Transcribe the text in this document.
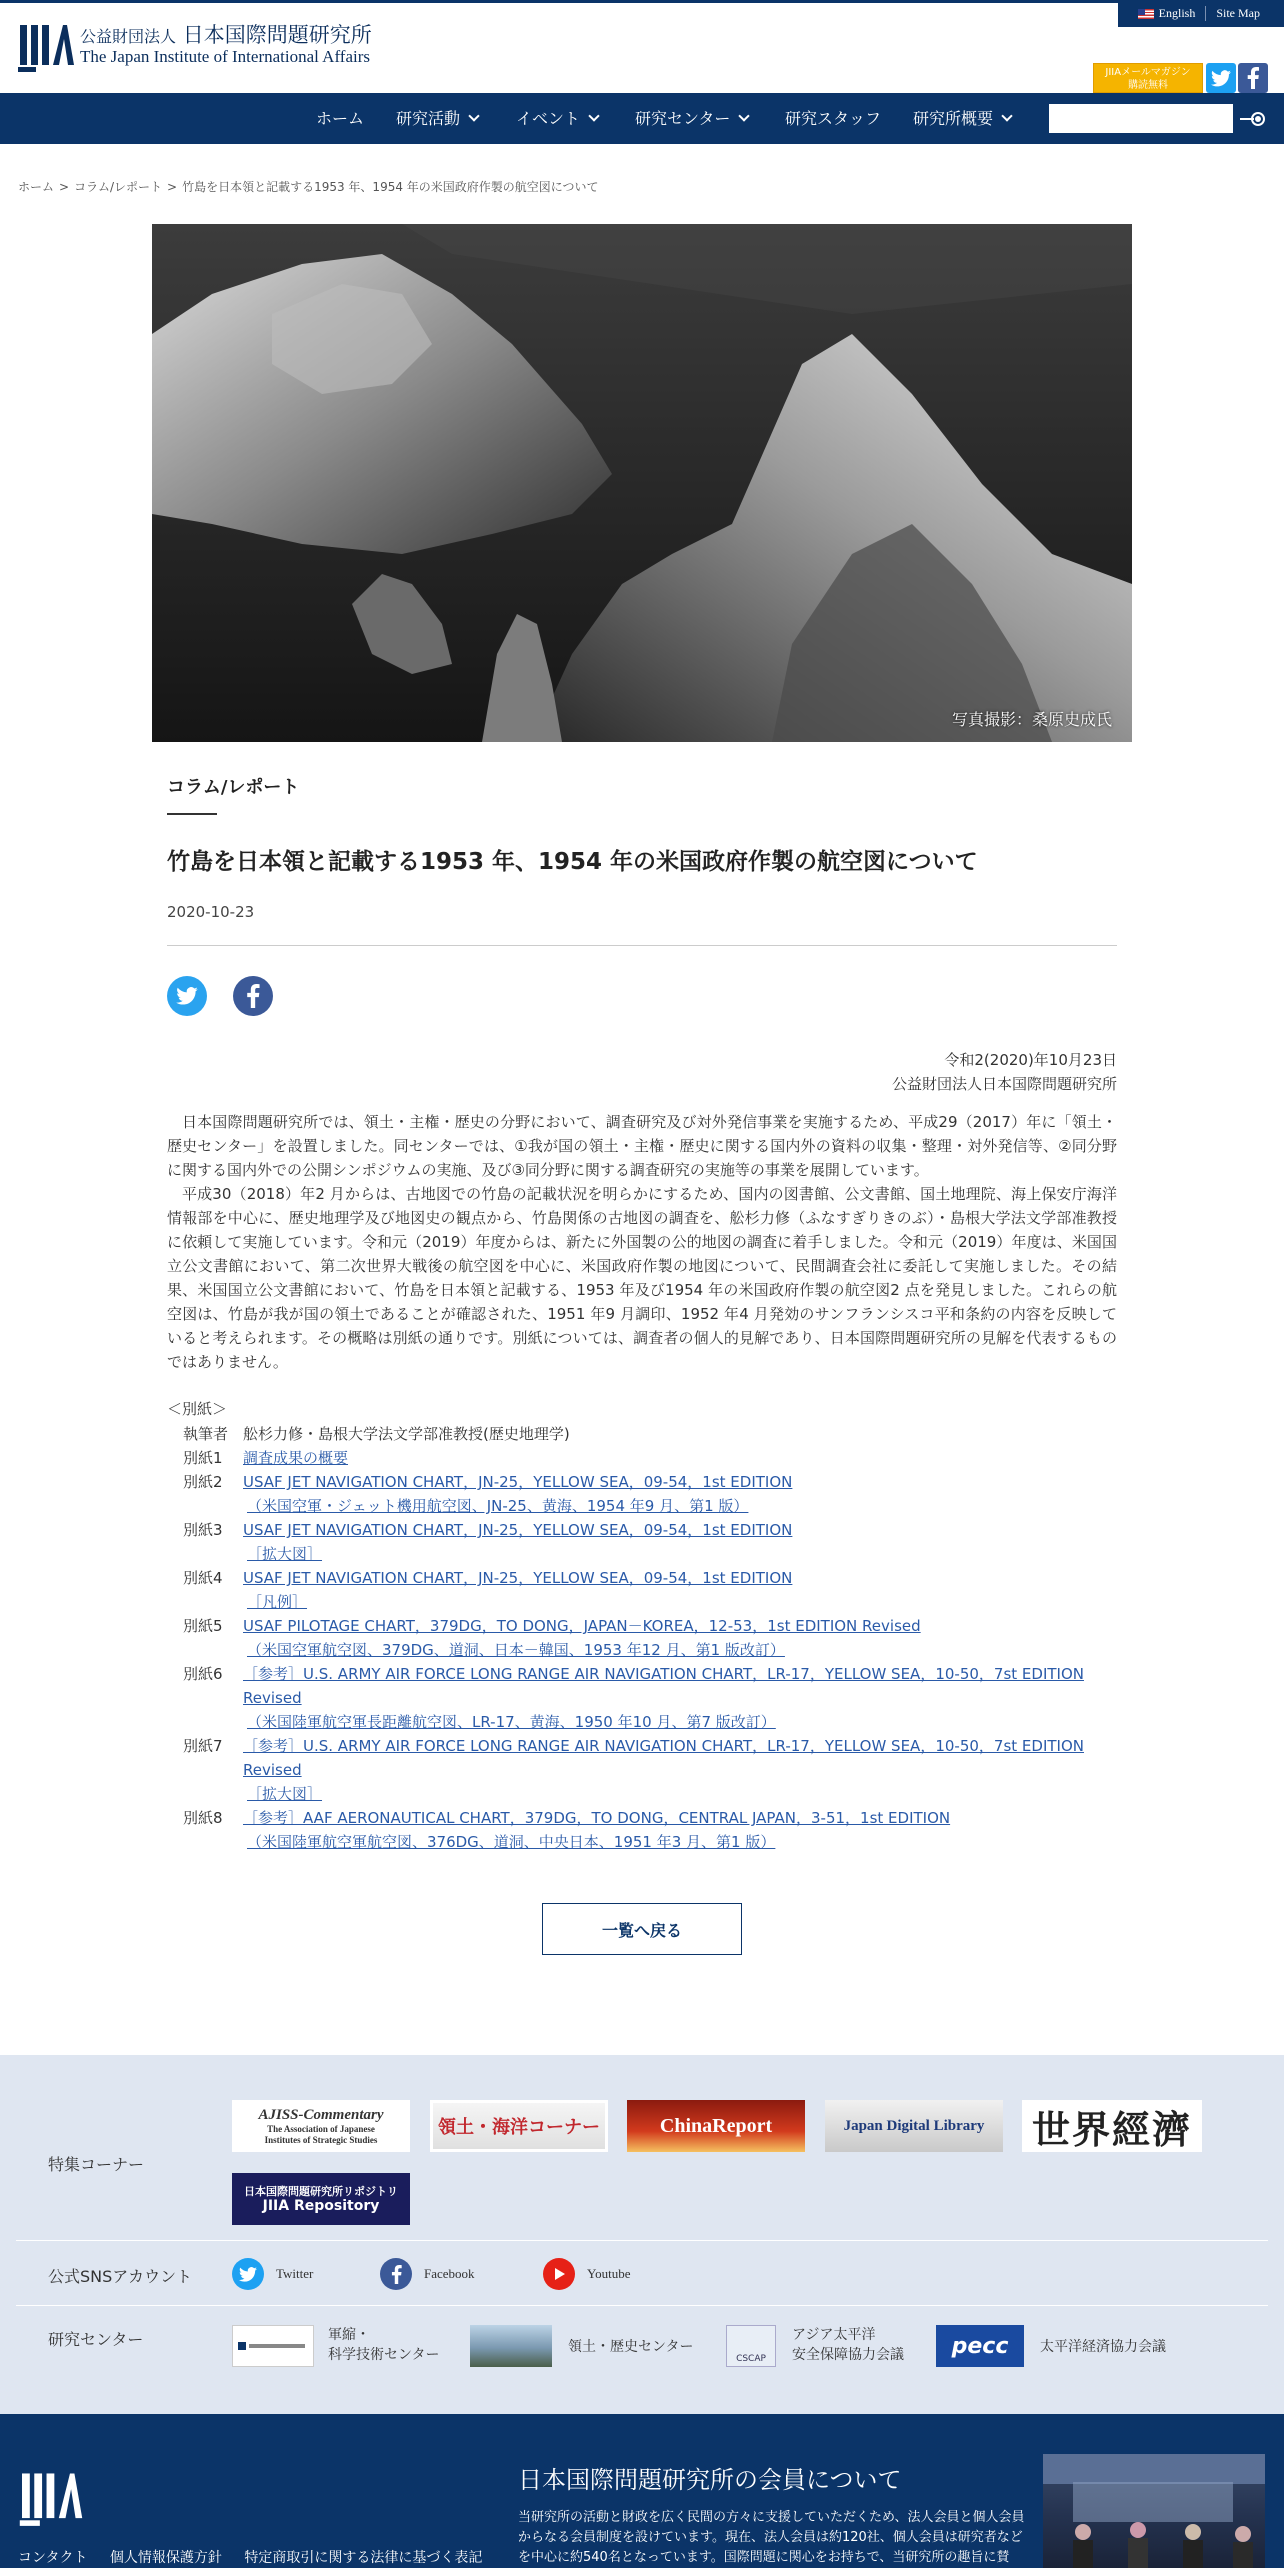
公益財団法人 日本国際問題研究所
The Japan Institute of International Affairs
English	Site Map
JIIAメールマガジン
購読無料
ホーム 研究活動	イベント	研究センター	研究スタッフ 研究所概要
ホーム > コラム/レポート > 竹島を日本領と記載する1953 年、1954 年の米国政府作製の航空図について
写真撮影：桑原史成氏
コラム/レポート
竹島を日本領と記載する1953 年、1954 年の米国政府作製の航空図について
2020-10-23
令和2(2020)年10月23日
公益財団法人日本国際問題研究所

日本国際問題研究所では、領土・主権・歴史の分野において、調査研究及び対外発信事業を実施するため、平成29（2017）年に「領土・歴史センター」を設置しました。同センターでは、①我が国の領土・主権・歴史に関する国内外の資料の収集・整理・対外発信等、②同分野に関する国内外での公開シンポジウムの実施、及び③同分野に関する調査研究の実施等の事業を展開しています。

平成30（2018）年2 月からは、古地図での竹島の記載状況を明らかにするため、国内の図書館、公文書館、国土地理院、海上保安庁海洋情報部を中心に、歴史地理学及び地図史の観点から、竹島関係の古地図の調査を、舩杉力修（ふなすぎりきのぶ）・島根大学法文学部准教授に依頼して実施しています。令和元（2019）年度からは、新たに外国製の公的地図の調査に着手しました。令和元（2019）年度は、米国国立公文書館において、第二次世界大戦後の航空図を中心に、米国政府作製の地図について、民間調査会社に委託して実施しました。その結果、米国国立公文書館において、竹島を日本領と記載する、1953 年及び1954 年の米国政府作製の航空図2 点を発見しました。これらの航空図は、竹島が我が国の領土であることが確認された、1951 年9 月調印、1952 年4 月発効のサンフランシスコ平和条約の内容を反映していると考えられます。その概略は別紙の通りです。別紙については、調査者の個人的見解であり、日本国際問題研究所の見解を代表するものではありません。

＜別紙＞
執筆者 舩杉力修・島根大学法文学部准教授(歴史地理学)
別紙1	調査成果の概要
別紙2	USAF JET NAVIGATION CHART，JN-25，YELLOW SEA，09-54，1st EDITION
（米国空軍・ジェット機用航空図、JN-25、黄海、1954 年9 月、第1 版）
別紙3	USAF JET NAVIGATION CHART，JN-25，YELLOW SEA，09-54，1st EDITION
［拡大図］
別紙4	USAF JET NAVIGATION CHART，JN-25，YELLOW SEA，09-54，1st EDITION
［凡例］
別紙5	USAF PILOTAGE CHART，379DG，TO DONG，JAPAN－KOREA，12-53，1st EDITION Revised
（米国空軍航空図、379DG、道洞、日本－韓国、1953 年12 月、第1 版改訂）
別紙6	［参考］U.S. ARMY AIR FORCE LONG RANGE AIR NAVIGATION CHART，LR-17，YELLOW SEA，10-50，7st EDITION Revised
（米国陸軍航空軍長距離航空図、LR-17、黄海、1950 年10 月、第7 版改訂）
別紙7	［参考］U.S. ARMY AIR FORCE LONG RANGE AIR NAVIGATION CHART，LR-17，YELLOW SEA，10-50，7st EDITION Revised
［拡大図］
別紙8	［参考］AAF AERONAUTICAL CHART，379DG，TO DONG，CENTRAL JAPAN，3-51，1st EDITION
（米国陸軍航空軍航空図、376DG、道洞、中央日本、1951 年3 月、第1 版）
一覧へ戻る
特集コーナー
AJISS-Commentary
The Association of Japanese
Institutes of Strategic Studies
領土・海洋コーナー	ChinaReport	Japan Digital Library	世界經濟
日本国際問題研究所リポジトリ
JIIA Repository
公式SNSアカウント	Twitter	Facebook	Youtube
研究センター	軍縮・
科学技術センター	領土・歴史センター
CSCAP
アジア太平洋
安全保障協力会議	pecc	太平洋経済協力会議
コンタクト 個人情報保護方針 特定商取引に関する法律に基づく表記
日本国際問題研究所の会員について
当研究所の活動と財政を広く民間の方々に支援していただくため、法人会員と個人会員からなる会員制度を設けています。現在、法人会員は約120社、個人会員は研究者などを中心に約540名となっています。国際問題に関心をお持ちで、当研究所の趣旨に賛
